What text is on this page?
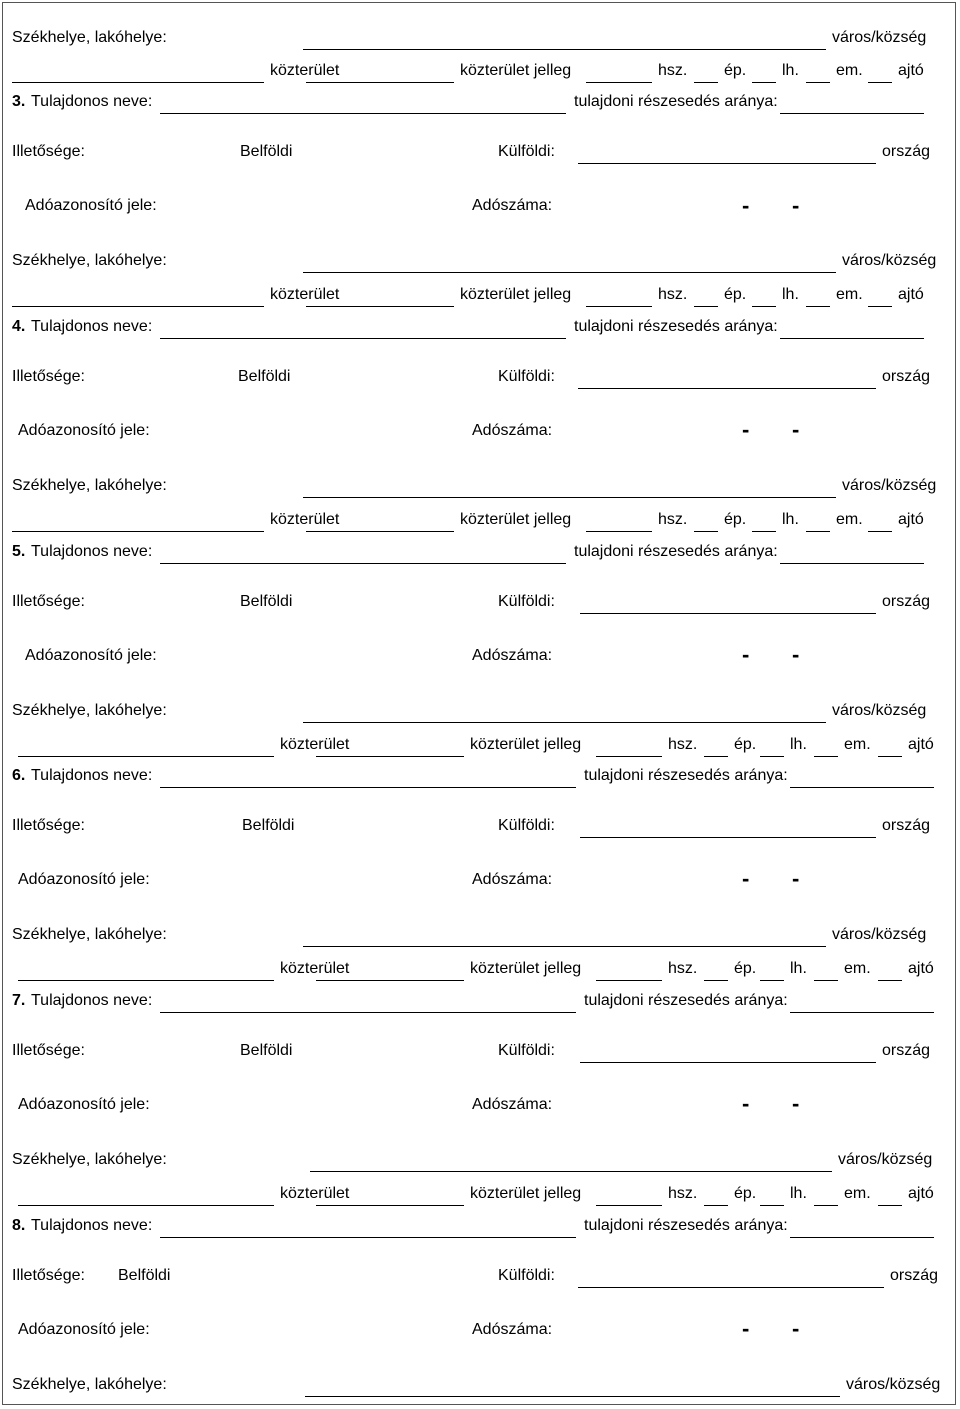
Székhelye, lakóhelye:	város/község
közterület	közterület jelleg	hsz. ép. lh. em. ajtó
3. Tulajdonos neve:	tulajdoni részesedés aránya:
Illetősége:	Belföldi	Külföldi:	ország
Adóazonosító jele:	Adószáma:	- -
Székhelye, lakóhelye:	város/község
közterület	közterület jelleg	hsz. ép. lh. em. ajtó
4. Tulajdonos neve:	tulajdoni részesedés aránya:
Illetősége:	Belföldi	Külföldi:	ország
Adóazonosító jele:	Adószáma:	- -
Székhelye, lakóhelye:	város/község
közterület	közterület jelleg	hsz. ép. lh. em. ajtó
5. Tulajdonos neve:	tulajdoni részesedés aránya:
Illetősége:	Belföldi	Külföldi:	ország
Adóazonosító jele:	Adószáma:	- -
Székhelye, lakóhelye:	város/község
közterület	közterület jelleg	hsz. ép. lh. em. ajtó
6. Tulajdonos neve:	tulajdoni részesedés aránya:
Illetősége:	Belföldi	Külföldi:	ország
Adóazonosító jele:	Adószáma:	- -
Székhelye, lakóhelye:	város/község
közterület	közterület jelleg	hsz. ép. lh. em. ajtó
7. Tulajdonos neve:	tulajdoni részesedés aránya:
Illetősége:	Belföldi	Külföldi:	ország
Adóazonosító jele:	Adószáma:	- -
Székhelye, lakóhelye:	város/község
közterület	közterület jelleg	hsz. ép. lh. em. ajtó
8. Tulajdonos neve:	tulajdoni részesedés aránya:
Illetősége: Belföldi	Külföldi:	ország
Adóazonosító jele:	Adószáma:	- -
Székhelye, lakóhelye:	város/község
